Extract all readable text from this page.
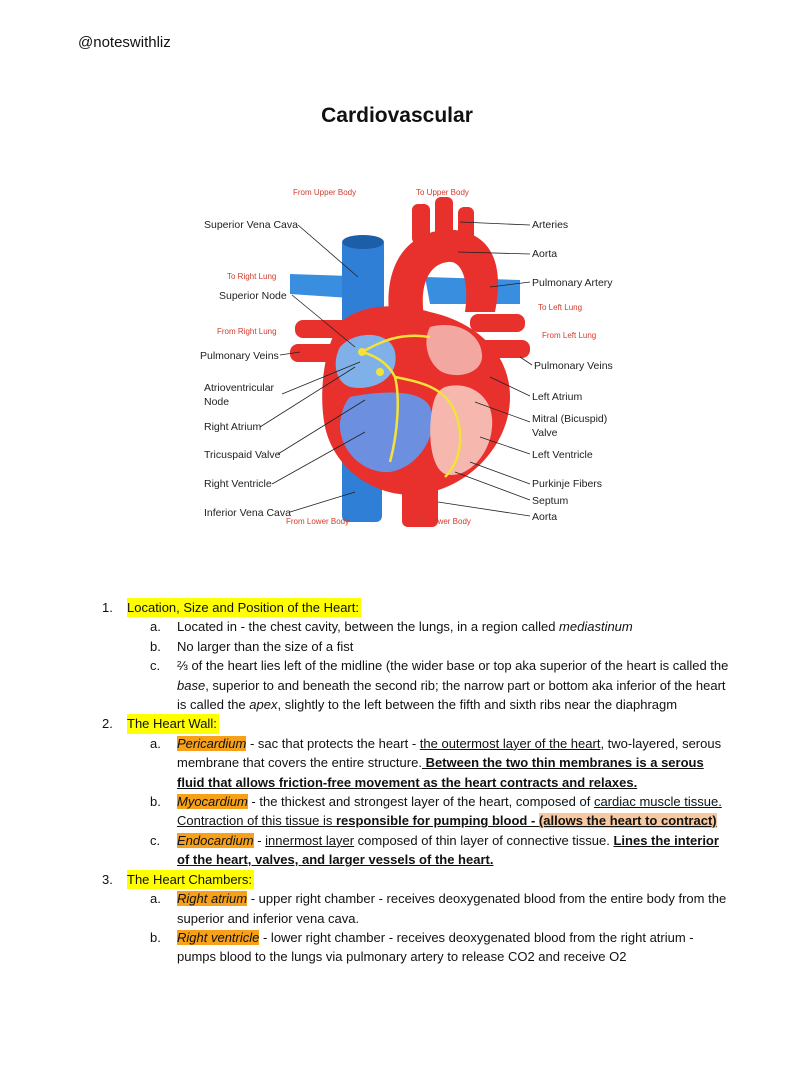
@noteswithliz
Cardiovascular
Superior Vena Cava
Superior Node
Pulmonary Veins
Atrioventricular
Node
Right Atrium
Tricuspaid Valve
Right Ventricle
Inferior Vena Cava
Arteries
Aorta
Pulmonary Artery
Left Atrium
Mitral (Bicuspid)
Valve
Left Ventricle
Purkinje Fibers
Septum
Aorta
Pulmonary Veins
From Upper Body	To Upper Body
To Right Lung
To Left Lung
From Right Lung	From Left Lung
From Lower Body	To Lower Body
1.	Location, Size and Position of the Heart:
a.	Located in - the chest cavity, between the lungs, in a region called mediastinum
b.	No larger than the size of a fist
c.	⅔ of the heart lies left of the midline (the wider base or top aka superior of the heart is called the base, superior to and beneath the second rib; the narrow part or bottom aka inferior of the heart is called the apex, slightly to the left between the fifth and sixth ribs near the diaphragm
2.	The Heart Wall:
a.	Pericardium - sac that protects the heart - the outermost layer of the heart, two-layered, serous membrane that covers the entire structure. Between the two thin membranes is a serous fluid that allows friction-free movement as the heart contracts and relaxes.
b.	Myocardium - the thickest and strongest layer of the heart, composed of cardiac muscle tissue. Contraction of this tissue is responsible for pumping blood - (allows the heart to contract)
c.	Endocardium - innermost layer composed of thin layer of connective tissue. Lines the interior of the heart, valves, and larger vessels of the heart.
3.	The Heart Chambers:
a.	Right atrium - upper right chamber - receives deoxygenated blood from the entire body from the superior and inferior vena cava.
b.	Right ventricle - lower right chamber - receives deoxygenated blood from the right atrium - pumps blood to the lungs via pulmonary artery to release CO2 and receive O2
